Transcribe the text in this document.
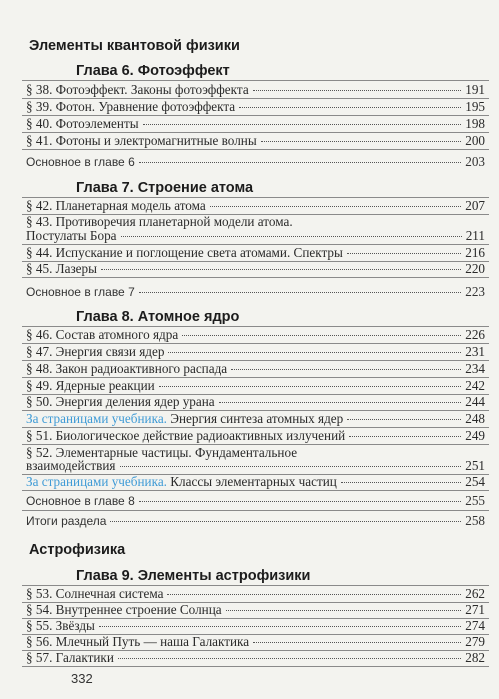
Элементы квантовой физики
Глава 6. Фотоэффект
§ 38. Фотоэффект. Законы фотоэффекта	191
§ 39. Фотон. Уравнение фотоэффекта	195
§ 40. Фотоэлементы	198
§ 41. Фотоны и электромагнитные волны	200
Основное в главе 6	203
Глава 7. Строение атома
§ 42. Планетарная модель атома	207
§ 43. Противоречия планетарной модели атома.
Постулаты Бора	211
§ 44. Испускание и поглощение света атомами. Спектры	216
§ 45. Лазеры	220
Основное в главе 7	223
Глава 8. Атомное ядро
§ 46. Состав атомного ядра	226
§ 47. Энергия связи ядер	231
§ 48. Закон радиоактивного распада	234
§ 49. Ядерные реакции	242
§ 50. Энергия деления ядер урана	244
За страницами учебника. Энергия синтеза атомных ядер	248
§ 51. Биологическое действие радиоактивных излучений	249
§ 52. Элементарные частицы. Фундаментальное
взаимодействия	251
За страницами учебника. Классы элементарных частиц	254
Основное в главе 8	255
Итоги раздела	258
Астрофизика
Глава 9. Элементы астрофизики
§ 53. Солнечная система	262
§ 54. Внутреннее строение Солнца	271
§ 55. Звёзды	274
§ 56. Млечный Путь — наша Галактика	279
§ 57. Галактики	282
332
